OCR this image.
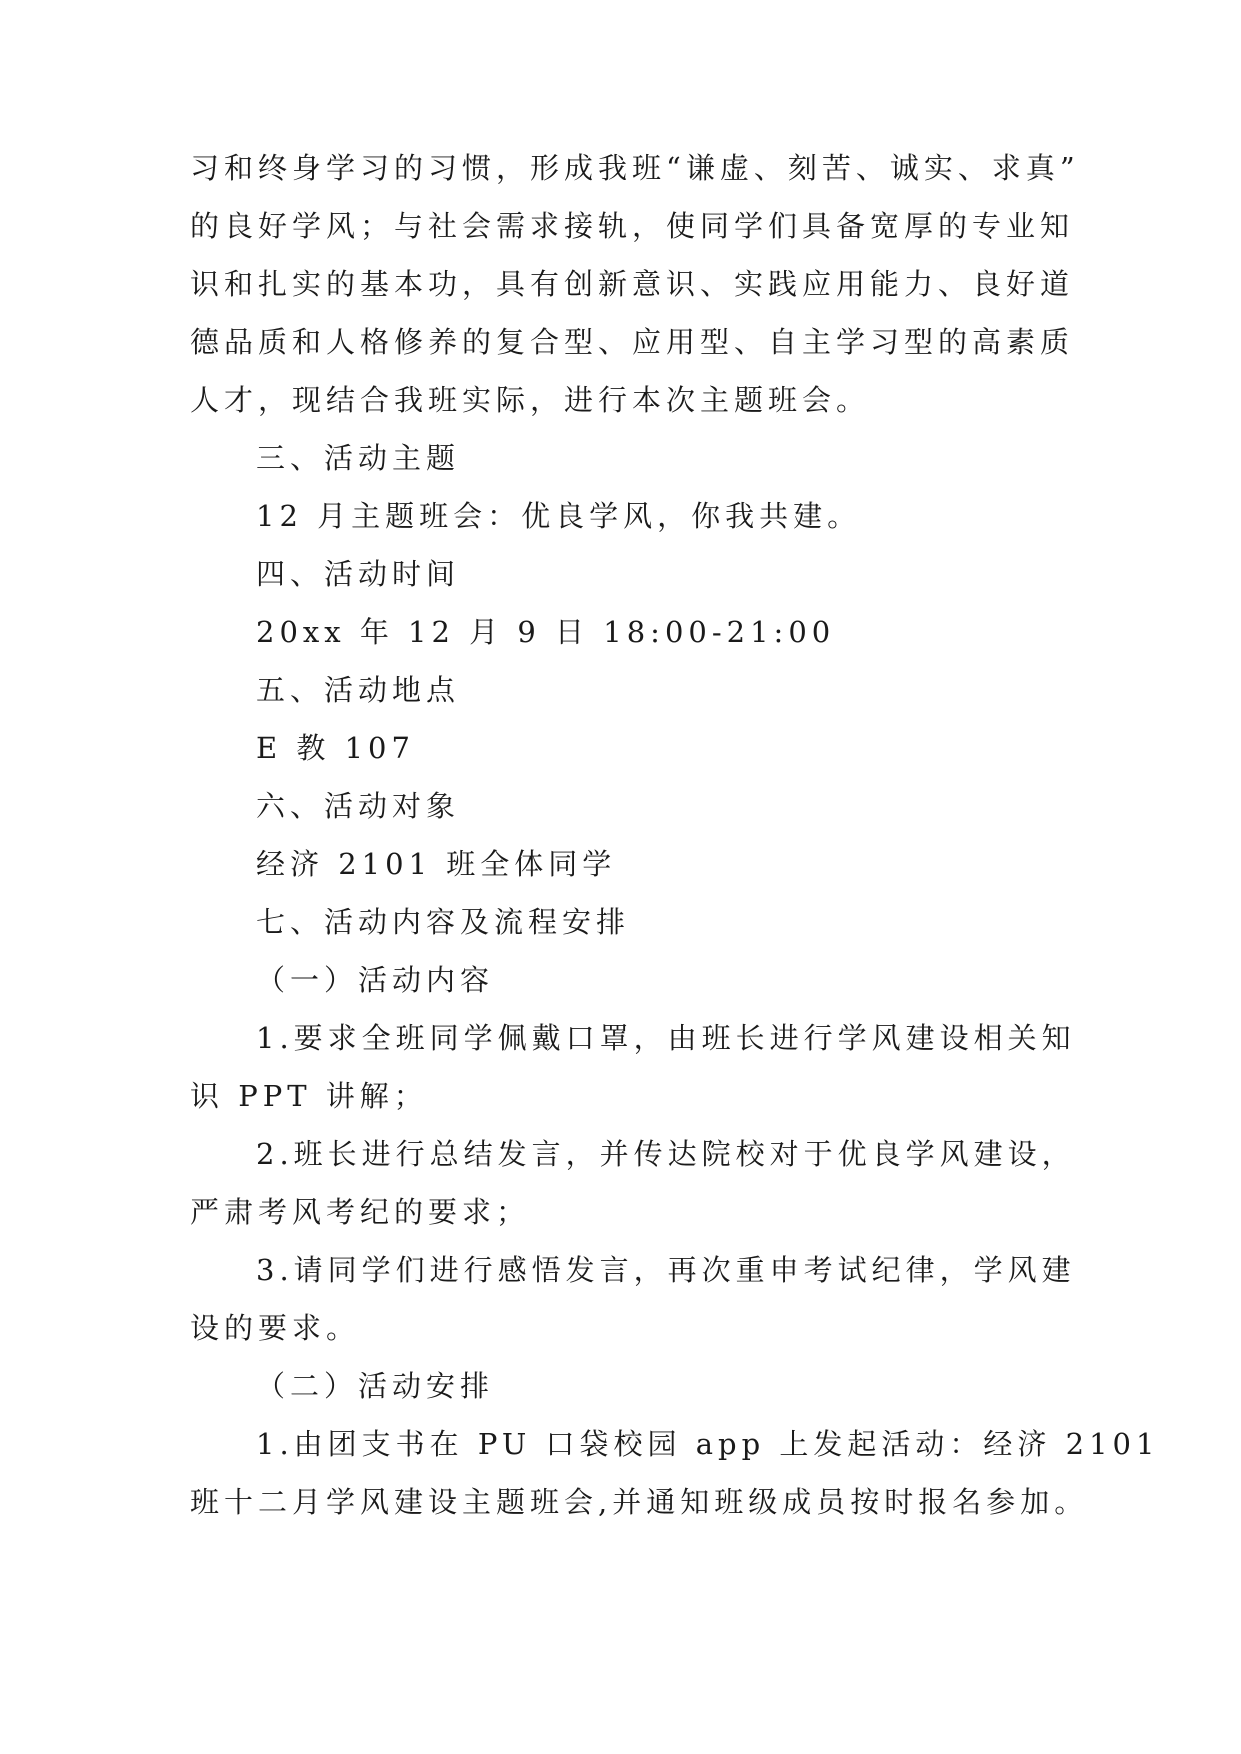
习和终身学习的习惯，形成我班“谦虚、刻苦、诚实、求真”
的良好学风；与社会需求接轨，使同学们具备宽厚的专业知
识和扎实的基本功，具有创新意识、实践应用能力、良好道
德品质和人格修养的复合型、应用型、自主学习型的高素质
人才，现结合我班实际，进行本次主题班会。
三、活动主题
12 月主题班会：优良学风，你我共建。
四、活动时间
20xx 年 12 月 9 日 18:00-21:00
五、活动地点
E 教 107
六、活动对象
经济 2101 班全体同学
七、活动内容及流程安排
（一）活动内容
1.要求全班同学佩戴口罩，由班长进行学风建设相关知
识 PPT 讲解；
2.班长进行总结发言，并传达院校对于优良学风建设，
严肃考风考纪的要求；
3.请同学们进行感悟发言，再次重申考试纪律，学风建
设的要求。
（二）活动安排
1.由团支书在 PU 口袋校园 app 上发起活动：经济 2101
班十二月学风建设主题班会,并通知班级成员按时报名参加。
